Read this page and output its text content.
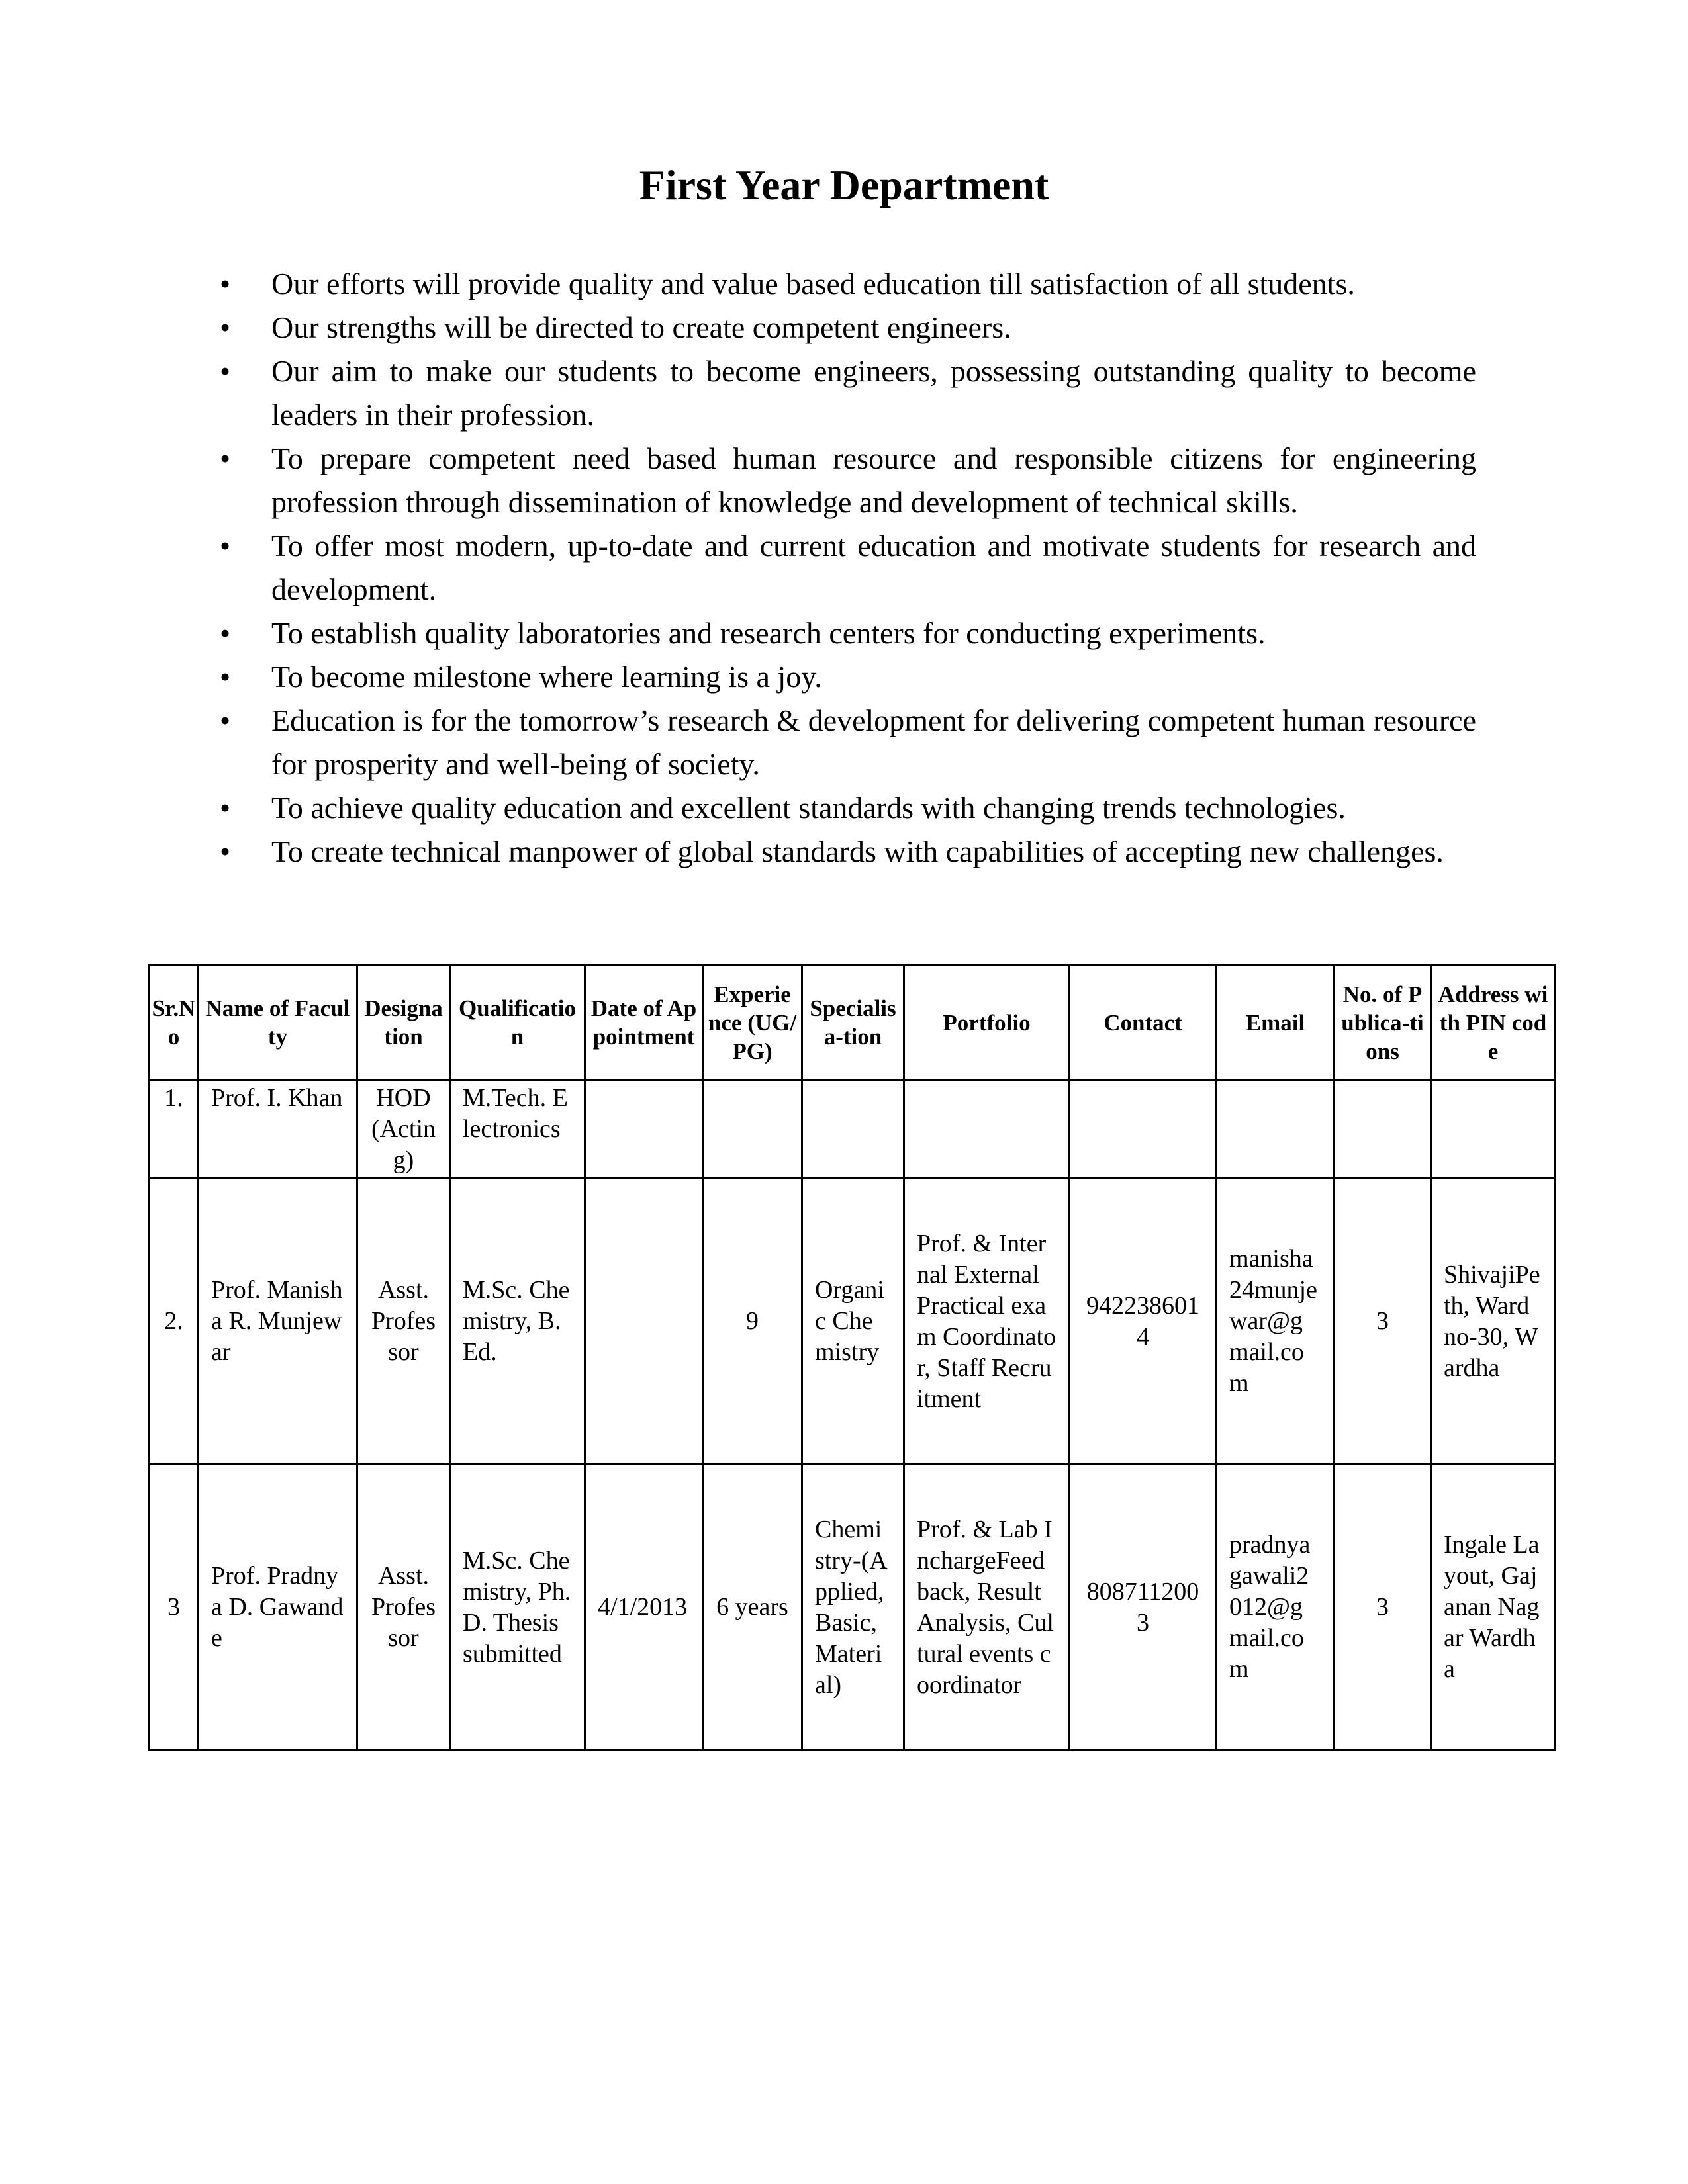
First Year Department
• Our efforts will provide quality and value based education till satisfaction of all students.
• Our strengths will be directed to create competent engineers.
• Our aim to make our students to become engineers, possessing outstanding quality to become leaders in their profession.
• To prepare competent need based human resource and responsible citizens for engineering profession through dissemination of knowledge and development of technical skills.
• To offer most modern, up-to-date and current education and motivate students for research and development.
• To establish quality laboratories and research centers for conducting experiments.
• To become milestone where learning is a joy.
• Education is for the tomorrow’s research & development for delivering competent human resource for prosperity and well-being of society.
• To achieve quality education and excellent standards with changing trends technologies.
• To create technical manpower of global standards with capabilities of accepting new challenges.
Sr.No	Name of Faculty	Designation	Qualification	Date of Appointment	Experience (UG/PG)	Specialisa-tion	Portfolio	Contact	Email	No. of Publica-tions	Address with PIN code
1.	Prof. I. Khan	HOD (Acting)	M.Tech. Electronics								
2.	Prof. Manisha R. Munjewar	Asst. Professor	M.Sc. Chemistry, B. Ed.		9	Organic Chemistry	Prof. & Internal External Practical exam Coordinator, Staff Recruitment	9422386014	manisha24munjewar@gmail.com	3	ShivajiPeth, Ward no-30, Wardha
3	Prof. Pradnya D. Gawande	Asst. Professor	M.Sc. Chemistry, Ph.D. Thesis submitted	4/1/2013	6 years	Chemistry-(Applied, Basic, Material)	Prof. & Lab InchargeFeed back, Result Analysis, Cultural events coordinator	8087112003	pradnyagawali2012@gmail.com	3	Ingale Layout, Gajanan Nagar Wardha
